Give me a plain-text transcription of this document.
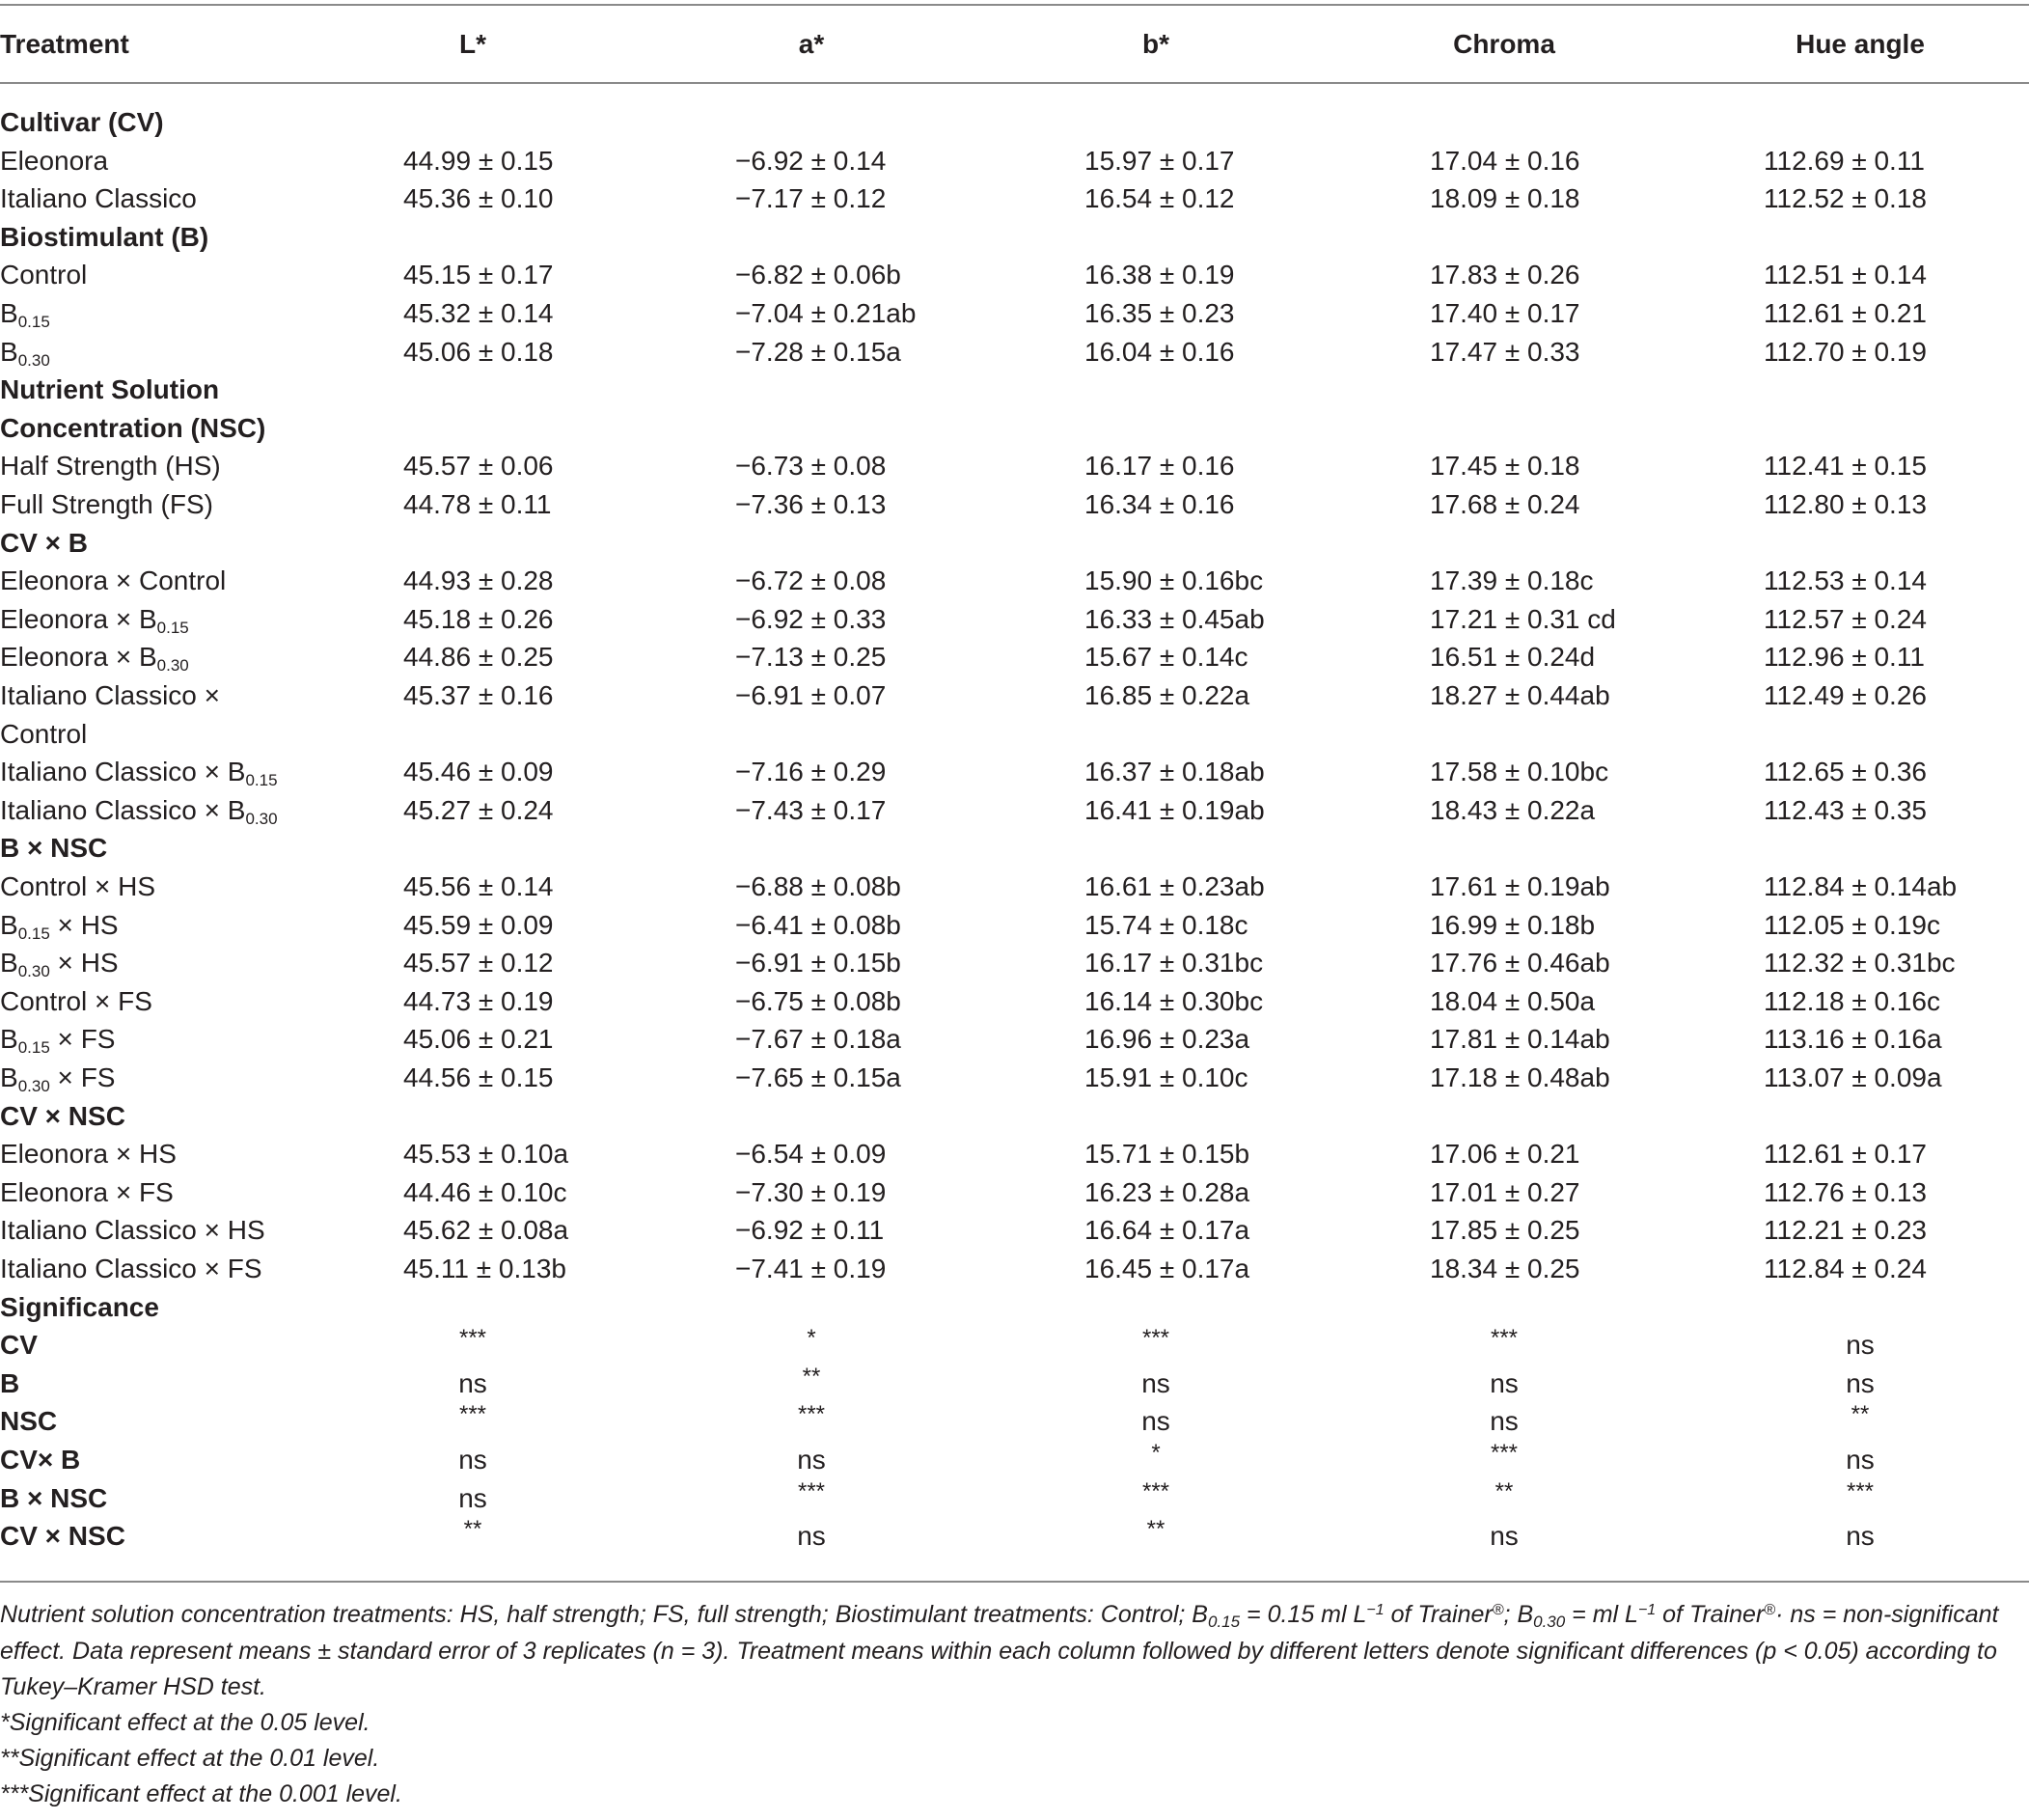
Treatment	L*	a*	b*	Chroma	Hue angle
Cultivar (CV)
Eleonora	44.99 ± 0.15	−6.92 ± 0.14	15.97 ± 0.17	17.04 ± 0.16	112.69 ± 0.11
Italiano Classico	45.36 ± 0.10	−7.17 ± 0.12	16.54 ± 0.12	18.09 ± 0.18	112.52 ± 0.18
Biostimulant (B)
Control	45.15 ± 0.17	−6.82 ± 0.06b	16.38 ± 0.19	17.83 ± 0.26	112.51 ± 0.14
$B_{0.15}$	45.32 ± 0.14	−7.04 ± 0.21ab	16.35 ± 0.23	17.40 ± 0.17	112.61 ± 0.21
$B_{0.30}$	45.06 ± 0.18	−7.28 ± 0.15a	16.04 ± 0.16	17.47 ± 0.33	112.70 ± 0.19
Nutrient Solution
Concentration (NSC)
Half Strength (HS)	45.57 ± 0.06	−6.73 ± 0.08	16.17 ± 0.16	17.45 ± 0.18	112.41 ± 0.15
Full Strength (FS)	44.78 ± 0.11	−7.36 ± 0.13	16.34 ± 0.16	17.68 ± 0.24	112.80 ± 0.13
CV × B
Eleonora × Control	44.93 ± 0.28	−6.72 ± 0.08	15.90 ± 0.16bc	17.39 ± 0.18c	112.53 ± 0.14
Eleonora × $B_{0.15}$	45.18 ± 0.26	−6.92 ± 0.33	16.33 ± 0.45ab	17.21 ± 0.31 cd	112.57 ± 0.24
Eleonora × $B_{0.30}$	44.86 ± 0.25	−7.13 ± 0.25	15.67 ± 0.14c	16.51 ± 0.24d	112.96 ± 0.11
Italiano Classico ×	45.37 ± 0.16	−6.91 ± 0.07	16.85 ± 0.22a	18.27 ± 0.44ab	112.49 ± 0.26
Control
Italiano Classico × $B_{0.15}$	45.46 ± 0.09	−7.16 ± 0.29	16.37 ± 0.18ab	17.58 ± 0.10bc	112.65 ± 0.36
Italiano Classico × $B_{0.30}$	45.27 ± 0.24	−7.43 ± 0.17	16.41 ± 0.19ab	18.43 ± 0.22a	112.43 ± 0.35
B × NSC
Control × HS	45.56 ± 0.14	−6.88 ± 0.08b	16.61 ± 0.23ab	17.61 ± 0.19ab	112.84 ± 0.14ab
$B_{0.15}$ × HS	45.59 ± 0.09	−6.41 ± 0.08b	15.74 ± 0.18c	16.99 ± 0.18b	112.05 ± 0.19c
$B_{0.30}$ × HS	45.57 ± 0.12	−6.91 ± 0.15b	16.17 ± 0.31bc	17.76 ± 0.46ab	112.32 ± 0.31bc
Control × FS	44.73 ± 0.19	−6.75 ± 0.08b	16.14 ± 0.30bc	18.04 ± 0.50a	112.18 ± 0.16c
$B_{0.15}$ × FS	45.06 ± 0.21	−7.67 ± 0.18a	16.96 ± 0.23a	17.81 ± 0.14ab	113.16 ± 0.16a
$B_{0.30}$ × FS	44.56 ± 0.15	−7.65 ± 0.15a	15.91 ± 0.10c	17.18 ± 0.48ab	113.07 ± 0.09a
CV × NSC
Eleonora × HS	45.53 ± 0.10a	−6.54 ± 0.09	15.71 ± 0.15b	17.06 ± 0.21	112.61 ± 0.17
Eleonora × FS	44.46 ± 0.10c	−7.30 ± 0.19	16.23 ± 0.28a	17.01 ± 0.27	112.76 ± 0.13
Italiano Classico × HS	45.62 ± 0.08a	−6.92 ± 0.11	16.64 ± 0.17a	17.85 ± 0.25	112.21 ± 0.23
Italiano Classico × FS	45.11 ± 0.13b	−7.41 ± 0.19	16.45 ± 0.17a	18.34 ± 0.25	112.84 ± 0.24
Significance
CV	***	*	***	***	ns
B	ns	**	ns	ns	ns
NSC	***	***	ns	ns	**
CV× B	ns	ns	*	***	ns
B × NSC	ns	***	***	**	***
CV × NSC	**	ns	**	ns	ns
Nutrient solution concentration treatments: HS, half strength; FS, full strength; Biostimulant treatments: Control; $B_{0.15} = 0.15$ ml $L^{-1}$ of Trainer®; $B_{0.30}$ = ml $L^{-1}$ of Trainer®· ns = non-significant effect. Data represent means ± standard error of 3 replicates (n = 3). Treatment means within each column followed by different letters denote significant differences (p < 0.05) according to Tukey–Kramer HSD test.
*Significant effect at the 0.05 level.
**Significant effect at the 0.01 level.
***Significant effect at the 0.001 level.
